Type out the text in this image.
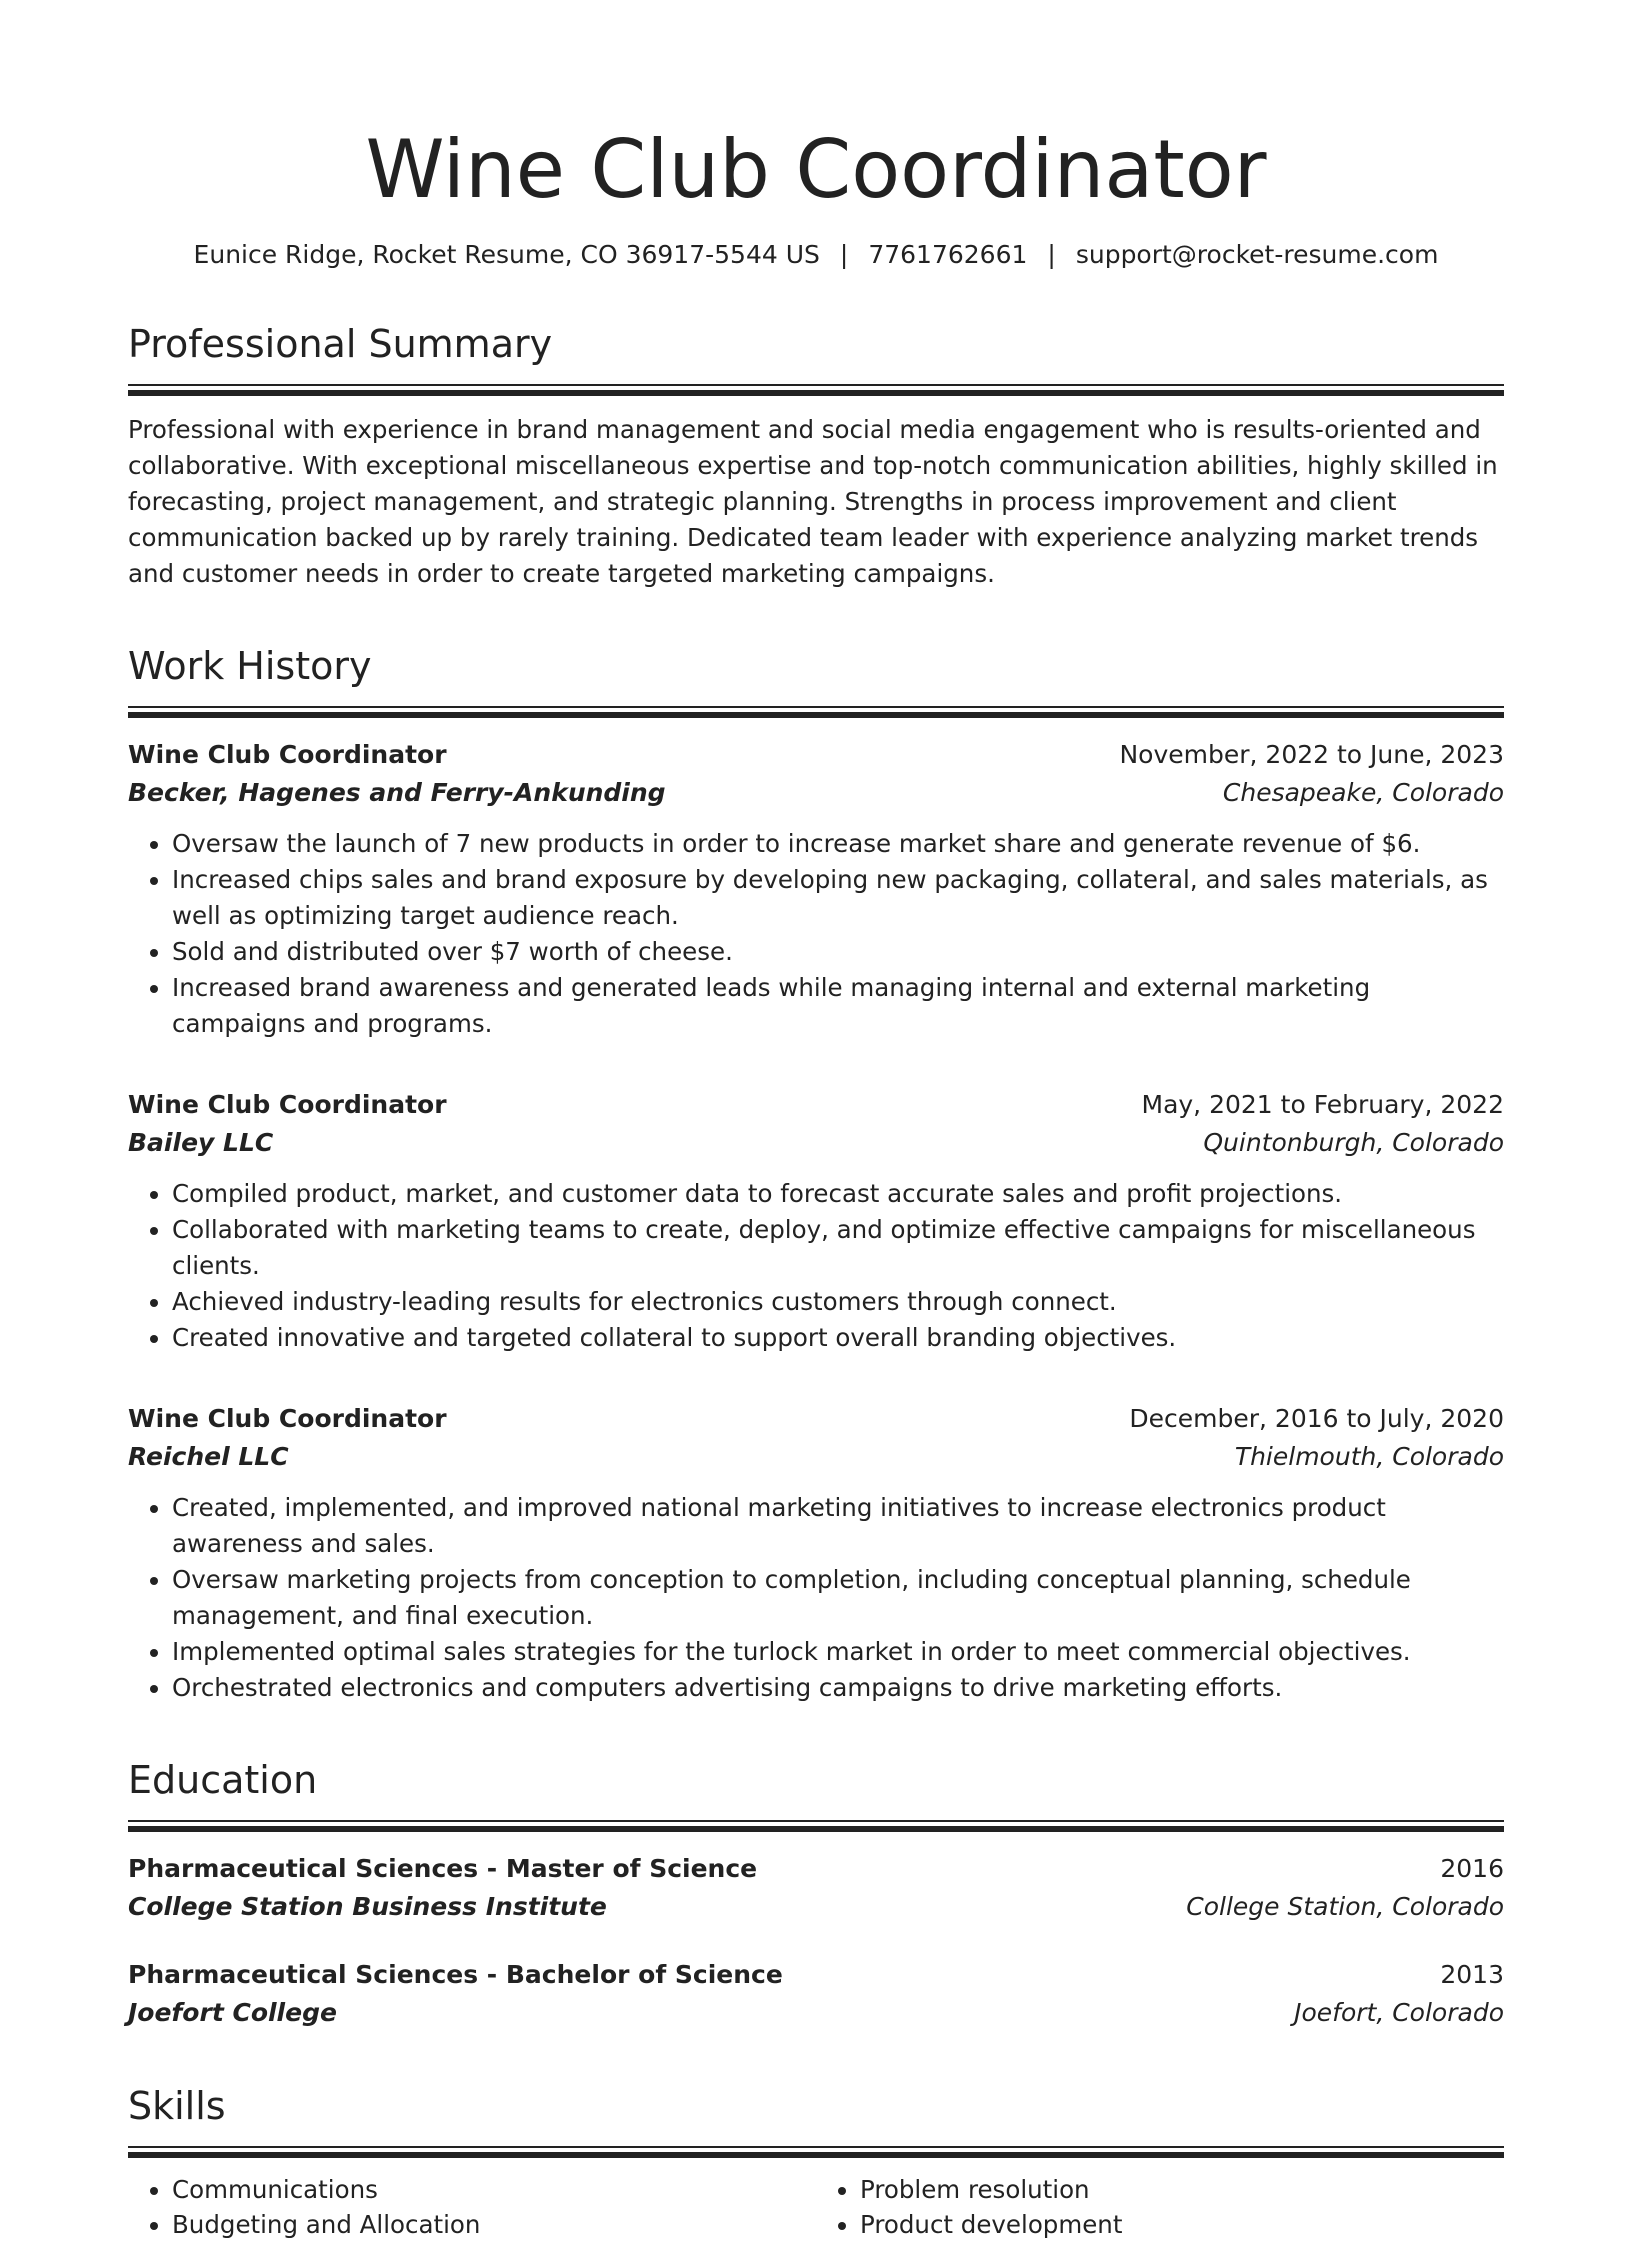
Wine Club Coordinator
Eunice Ridge, Rocket Resume, CO 36917-5544 US | 7761762661 | support@rocket-resume.com
Professional Summary
Professional with experience in brand management and social media engagement who is results-oriented and collaborative. With exceptional miscellaneous expertise and top-notch communication abilities, highly skilled in forecasting, project management, and strategic planning. Strengths in process improvement and client communication backed up by rarely training. Dedicated team leader with experience analyzing market trends and customer needs in order to create targeted marketing campaigns.
Work History
Wine Club Coordinator	November, 2022 to June, 2023
Becker, Hagenes and Ferry-Ankunding	Chesapeake, Colorado
• Oversaw the launch of 7 new products in order to increase market share and generate revenue of $6.
• Increased chips sales and brand exposure by developing new packaging, collateral, and sales materials, as well as optimizing target audience reach.
• Sold and distributed over $7 worth of cheese.
• Increased brand awareness and generated leads while managing internal and external marketing campaigns and programs.
Wine Club Coordinator	May, 2021 to February, 2022
Bailey LLC	Quintonburgh, Colorado
• Compiled product, market, and customer data to forecast accurate sales and profit projections.
• Collaborated with marketing teams to create, deploy, and optimize effective campaigns for miscellaneous clients.
• Achieved industry-leading results for electronics customers through connect.
• Created innovative and targeted collateral to support overall branding objectives.
Wine Club Coordinator	December, 2016 to July, 2020
Reichel LLC	Thielmouth, Colorado
• Created, implemented, and improved national marketing initiatives to increase electronics product awareness and sales.
• Oversaw marketing projects from conception to completion, including conceptual planning, schedule management, and final execution.
• Implemented optimal sales strategies for the turlock market in order to meet commercial objectives.
• Orchestrated electronics and computers advertising campaigns to drive marketing efforts.
Education
Pharmaceutical Sciences - Master of Science	2016
College Station Business Institute	College Station, Colorado
Pharmaceutical Sciences - Bachelor of Science	2013
Joefort College	Joefort, Colorado
Skills
• Communications
• Budgeting and Allocation
• Problem resolution
• Product development
